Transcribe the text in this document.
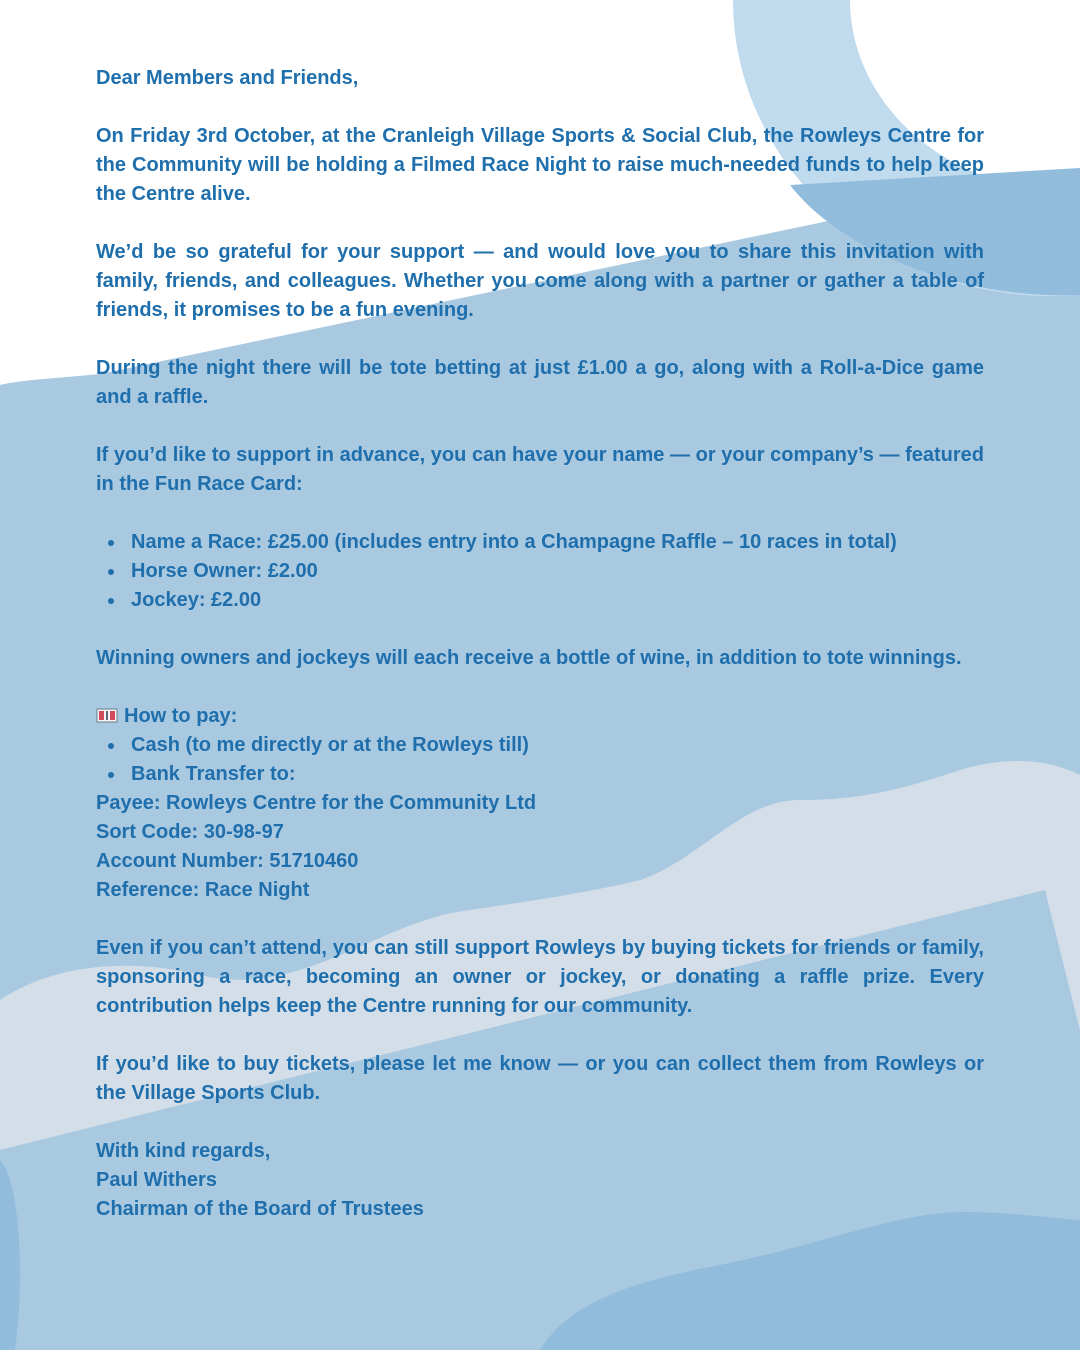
Dear Members and Friends,

On Friday 3rd October, at the Cranleigh Village Sports & Social Club, the Rowleys Centre for the Community will be holding a Filmed Race Night to raise much-needed funds to help keep the Centre alive.

We’d be so grateful for your support — and would love you to share this invitation with family, friends, and colleagues. Whether you come along with a partner or gather a table of friends, it promises to be a fun evening.

During the night there will be tote betting at just £1.00 a go, along with a Roll-a-Dice game and a raffle.

If you’d like to support in advance, you can have your name — or your company’s — featured in the Fun Race Card:

Name a Race: £25.00 (includes entry into a Champagne Raffle – 10 races in total)
Horse Owner: £2.00
Jockey: £2.00

Winning owners and jockeys will each receive a bottle of wine, in addition to tote winnings.

How to pay:
Cash (to me directly or at the Rowleys till)
Bank Transfer to:
Payee: Rowleys Centre for the Community Ltd
Sort Code: 30-98-97
Account Number: 51710460
Reference: Race Night

Even if you can’t attend, you can still support Rowleys by buying tickets for friends or family, sponsoring a race, becoming an owner or jockey, or donating a raffle prize. Every contribution helps keep the Centre running for our community.

If you’d like to buy tickets, please let me know — or you can collect them from Rowleys or the Village Sports Club.

With kind regards,
Paul Withers
Chairman of the Board of Trustees
